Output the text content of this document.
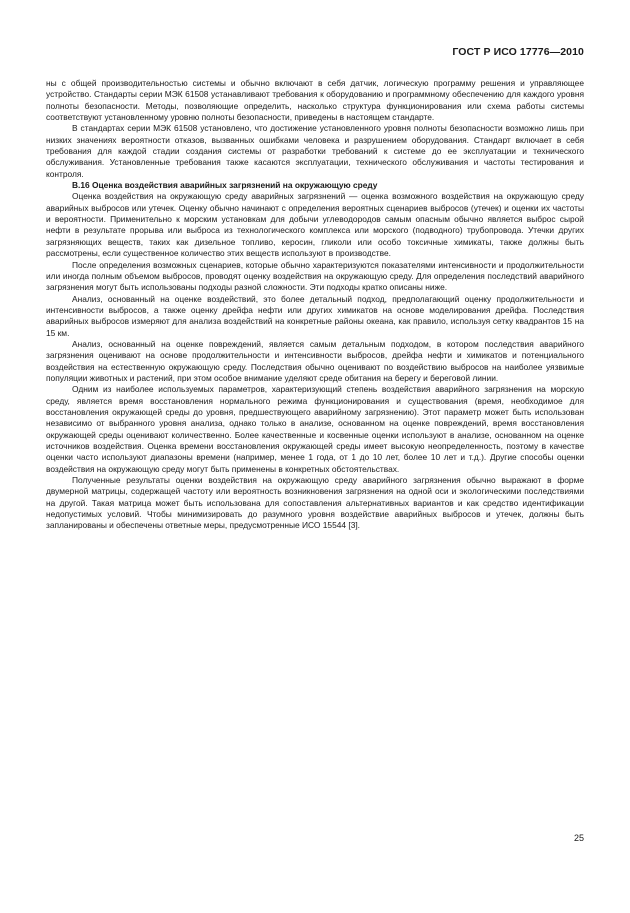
ГОСТ Р ИСО 17776—2010

ны с общей производительностью системы и обычно включают в себя датчик, логическую программу решения и управляющее устройство. Стандарты серии МЭК 61508 устанавливают требования к оборудованию и программному обеспечению для каждого уровня полноты безопасности. Методы, позволяющие определить, насколько структура функционирования или схема работы системы соответствуют установленному уровню полноты безопасности, приведены в настоящем стандарте.

В стандартах серии МЭК 61508 установлено, что достижение установленного уровня полноты безопасности возможно лишь при низких значениях вероятности отказов, вызванных ошибками человека и разрушением оборудования. Стандарт включает в себя требования для каждой стадии создания системы от разработки требований к системе до ее эксплуатации и технического обслуживания. Установленные требования также касаются эксплуатации, технического обслуживания и частоты тестирования и контроля.

В.16 Оценка воздействия аварийных загрязнений на окружающую среду

Оценка воздействия на окружающую среду аварийных загрязнений — оценка возможного воздействия на окружающую среду аварийных выбросов или утечек. Оценку обычно начинают с определения вероятных сценариев выбросов (утечек) и оценки их частоты и вероятности. Применительно к морским установкам для добычи углеводородов самым опасным обычно является выброс сырой нефти в результате прорыва или выброса из технологического комплекса или морского (подводного) трубопровода. Утечки других загрязняющих веществ, таких как дизельное топливо, керосин, гликоли или особо токсичные химикаты, также должны быть рассмотрены, если существенное количество этих веществ используют в производстве.

После определения возможных сценариев, которые обычно характеризуются показателями интенсивности и продолжительности или иногда полным объемом выбросов, проводят оценку воздействия на окружающую среду. Для определения последствий аварийного загрязнения могут быть использованы подходы разной сложности. Эти подходы кратко описаны ниже.

Анализ, основанный на оценке воздействий, это более детальный подход, предполагающий оценку продолжительности и интенсивности выбросов, а также оценку дрейфа нефти или других химикатов на основе моделирования дрейфа. Последствия аварийных выбросов измеряют для анализа воздействий на конкретные районы океана, как правило, используя сетку квадрантов 15 на 15 км.

Анализ, основанный на оценке повреждений, является самым детальным подходом, в котором последствия аварийного загрязнения оценивают на основе продолжительности и интенсивности выбросов, дрейфа нефти и химикатов и потенциального воздействия на естественную окружающую среду. Последствия обычно оценивают по воздействию выбросов на наиболее уязвимые популяции животных и растений, при этом особое внимание уделяют среде обитания на берегу и береговой линии.

Одним из наиболее используемых параметров, характеризующий степень воздействия аварийного загрязнения на морскую среду, является время восстановления нормального режима функционирования и существования (время, необходимое для восстановления окружающей среды до уровня, предшествующего аварийному загрязнению). Этот параметр может быть использован независимо от выбранного уровня анализа, однако только в анализе, основанном на оценке повреждений, время восстановления окружающей среды оценивают количественно. Более качественные и косвенные оценки используют в анализе, основанном на оценке источников воздействия. Оценка времени восстановления окружающей среды имеет высокую неопределенность, поэтому в качестве оценки часто используют диапазоны времени (например, менее 1 года, от 1 до 10 лет, более 10 лет и т.д.). Другие способы оценки воздействия на окружающую среду могут быть применены в конкретных обстоятельствах.

Полученные результаты оценки воздействия на окружающую среду аварийного загрязнения обычно выражают в форме двумерной матрицы, содержащей частоту или вероятность возникновения загрязнения на одной оси и экологическими последствиями на другой. Такая матрица может быть использована для сопоставления альтернативных вариантов и как средство идентификации недопустимых условий. Чтобы минимизировать до разумного уровня воздействие аварийных выбросов и утечек, должны быть запланированы и обеспечены ответные меры, предусмотренные ИСО 15544 [3].

25
